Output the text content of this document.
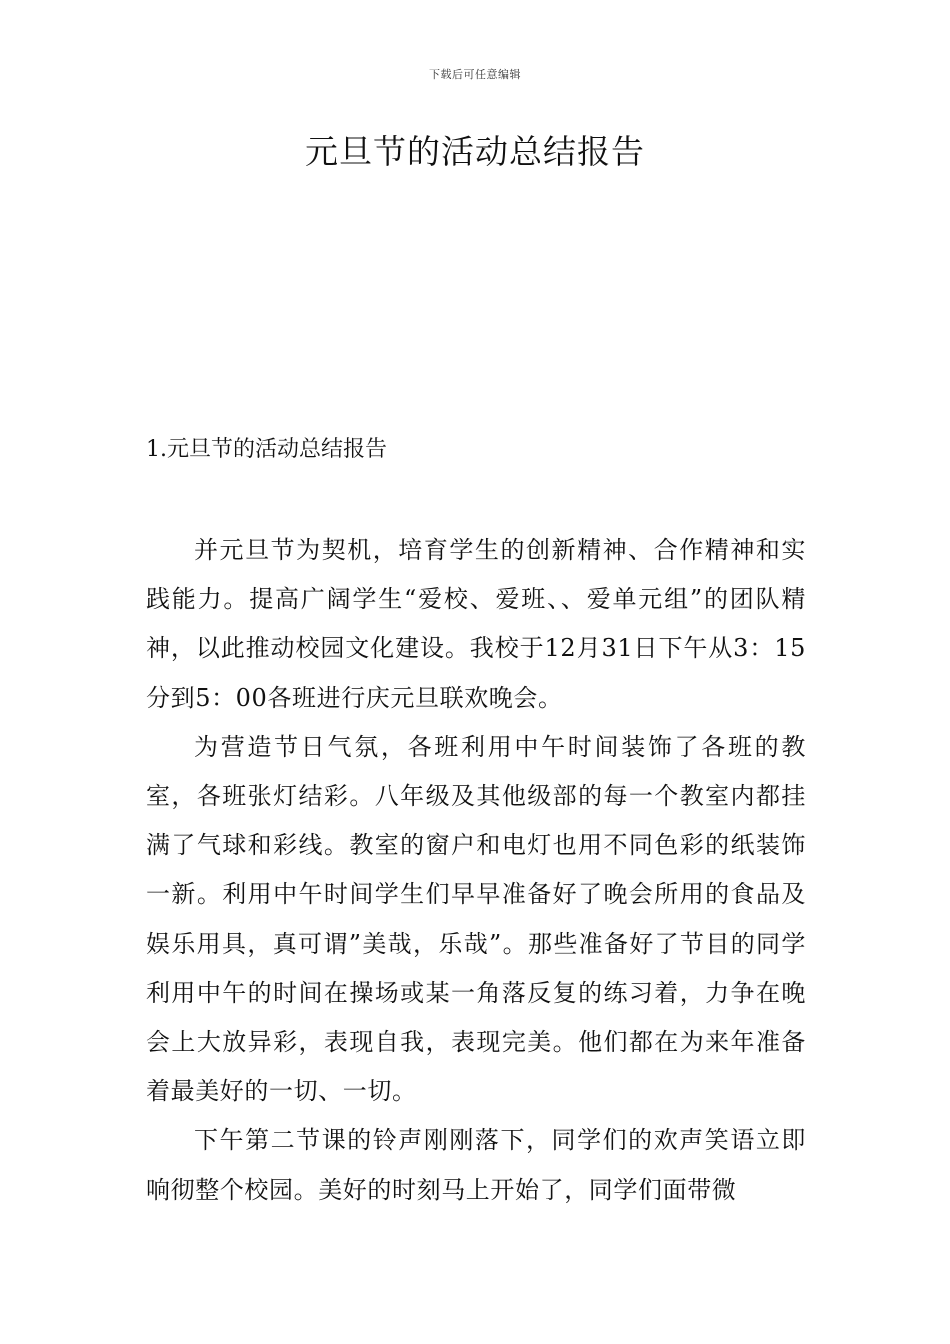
下载后可任意编辑
元旦节的活动总结报告
1.元旦节的活动总结报告

并元旦节为契机，培育学生的创新精神、合作精神和实践能力。提高广阔学生“爱校、爱班、、爱单元组”的团队精神，以此推动校园文化建设。我校于12月31日下午从3：15分到5：00各班进行庆元旦联欢晚会。

为营造节日气氛，各班利用中午时间装饰了各班的教室，各班张灯结彩。八年级及其他级部的每一个教室内都挂满了气球和彩线。教室的窗户和电灯也用不同色彩的纸装饰一新。利用中午时间学生们早早准备好了晚会所用的食品及娱乐用具，真可谓”美哉，乐哉”。那些准备好了节目的同学利用中午的时间在操场或某一角落反复的练习着，力争在晚会上大放异彩，表现自我，表现完美。他们都在为来年准备着最美好的一切、一切。

下午第二节课的铃声刚刚落下，同学们的欢声笑语立即响彻整个校园。美好的时刻马上开始了，同学们面带微
